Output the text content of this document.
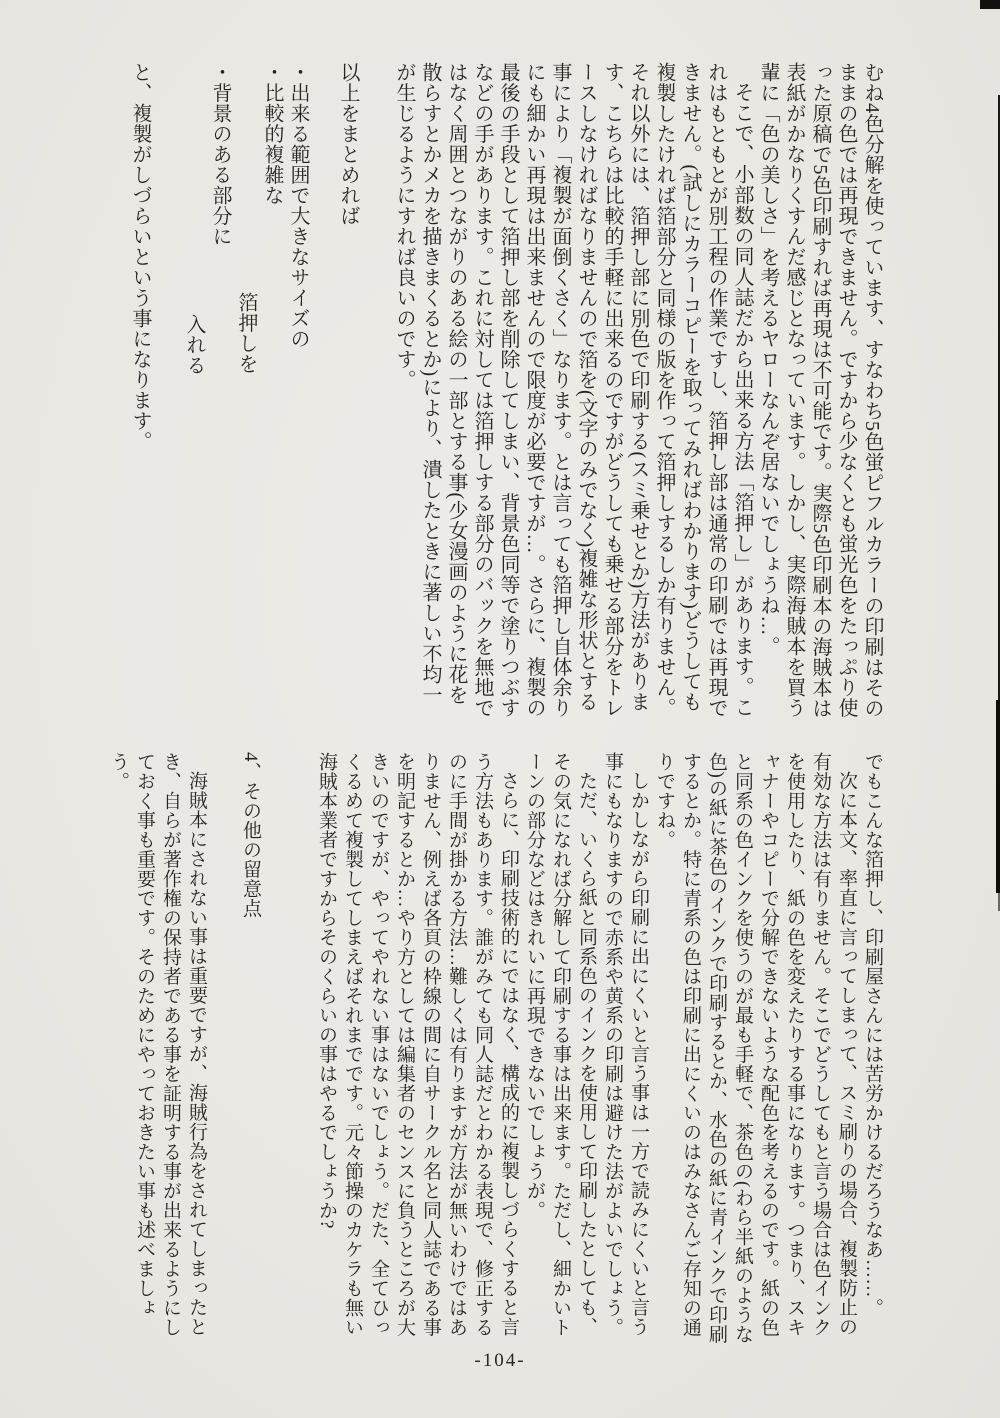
むね4色分解を使っています、すなわち5色蛍ピフルカラーの印刷はそのままの色では再現できません。ですから少なくとも蛍光色をたっぷり使った原稿で5色印刷すれば再現は不可能です。実際5色印刷本の海賊本は表紙がかなりくすんだ感じとなっています。しかし、実際海賊本を買う輩に「色の美しさ」を考えるヤローなんぞ居ないでしょうね…。

そこで、小部数の同人誌だから出来る方法「箔押し」があります。これはもともとが別工程の作業ですし、箔押し部は通常の印刷では再現できません。(試しにカラーコピーを取ってみればわかります)どうしても複製したければ箔部分と同様の版を作って箔押しするしか有りません。それ以外には、箔押し部に別色で印刷する(スミ乗せとか)方法があります、こちらは比較的手軽に出来るのですがどうしても乗せる部分をトレースしなければなりませんので箔を(文字のみでなく)複雑な形状とする事により「複製が面倒くさく」なります。とは言っても箔押し自体余りにも細かい再現は出来ませんので限度が必要ですが…。さらに、複製の最後の手段として箔押し部を削除してしまい、背景色同等で塗りつぶすなどの手があります。これに対しては箔押しする部分のバックを無地ではなく周囲とつながりのある絵の一部とする事(少女漫画のように花を散らすとかメカを描きまくるとか)により、潰したときに著しい不均一が生じるようにすれば良いのです。

以上をまとめれば
・出来る範囲で大きなサイズの
・比較的複雑な
箔押しを
・背景のある部分に
入れる
と、複製がしづらいという事になります。

でもこんな箔押し、印刷屋さんには苦労かけるだろうなあ……。

次に本文、率直に言ってしまって、スミ刷りの場合、複製防止の有効な方法は有りません。そこでどうしてもと言う場合は色インクを使用したり、紙の色を変えたりする事になります。つまり、スキャナーやコピーで分解できないような配色を考えるのです。紙の色と同系の色インクを使うのが最も手軽で、茶色の(わら半紙のような色)の紙に茶色のインクで印刷するとか、水色の紙に青インクで印刷するとか。特に青系の色は印刷に出にくいのはみなさんご存知の通りですね。

しかしながら印刷に出にくいと言う事は一方で読みにくいと言う事にもなりますので赤系や黄系の印刷は避けた法がよいでしょう。

ただ、いくら紙と同系色のインクを使用して印刷したとしても、その気になれば分解して印刷する事は出来ます。ただし、細かいトーンの部分などはきれいに再現できないでしょうが。

さらに、印刷技術的にではなく、構成的に複製しづらくすると言う方法もあります。誰がみても同人誌だとわかる表現で、修正するのに手間が掛かる方法…難しくは有りますが方法が無いわけではありません、例えば各頁の枠線の間に自サークル名と同人誌である事を明記するとか…やり方としては編集者のセンスに負うところが大きいのですが、やってやれない事はないでしょう。だた、全てひっくるめて複製してしまえばそれまでです。元々節操のカケラも無い海賊本業者ですからそのくらいの事はやるでしょうか?

4、その他の留意点

海賊本にされない事は重要ですが、海賊行為をされてしまったとき、自らが著作権の保持者である事を証明する事が出来るようにしておく事も重要です。そのためにやっておきたい事も述べましょう。

-104-
